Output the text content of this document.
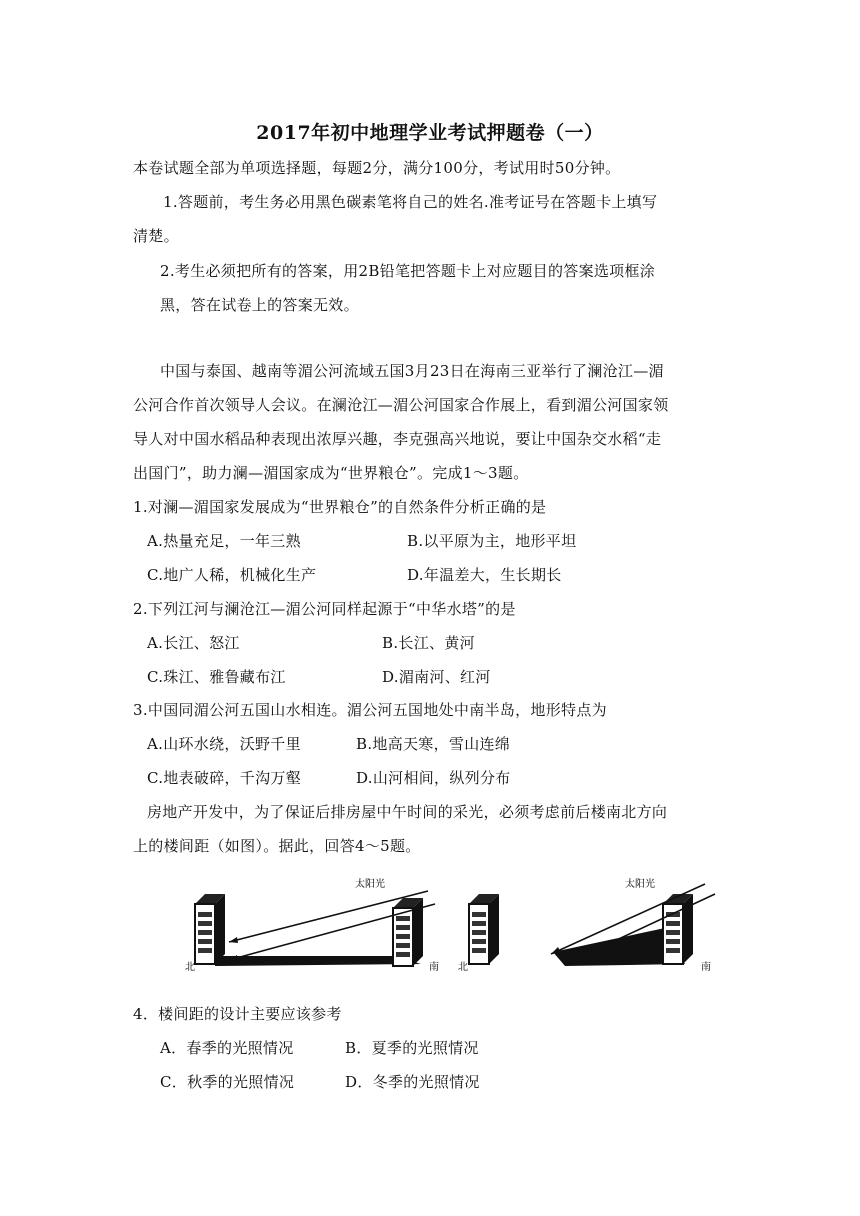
2017年初中地理学业考试押题卷（一）
本卷试题全部为单项选择题，每题2分，满分100分，考试用时50分钟。
1.答题前，考生务必用黑色碳素笔将自己的姓名.准考证号在答题卡上填写
清楚。
2.考生必须把所有的答案，用2B铅笔把答题卡上对应题目的答案选项框涂
黑，答在试卷上的答案无效。
中国与泰国、越南等湄公河流域五国3月23日在海南三亚举行了澜沧江—湄
公河合作首次领导人会议。在澜沧江—湄公河国家合作展上，看到湄公河国家领
导人对中国水稻品种表现出浓厚兴趣，李克强高兴地说，要让中国杂交水稻“走
出国门”，助力澜—湄国家成为“世界粮仓”。完成1～3题。
1.对澜—湄国家发展成为“世界粮仓”的自然条件分析正确的是
A.热量充足，一年三熟	B.以平原为主，地形平坦
C.地广人稀，机械化生产	D.年温差大，生长期长
2.下列江河与澜沧江—湄公河同样起源于“中华水塔”的是
A.长江、怒江	B.长江、黄河
C.珠江、雅鲁藏布江	D.湄南河、红河
3.中国同湄公河五国山水相连。湄公河五国地处中南半岛，地形特点为
A.山环水绕，沃野千里	B.地高天寒，雪山连绵
C.地表破碎，千沟万壑	D.山河相间，纵列分布
房地产开发中，为了保证后排房屋中午时间的采光，必须考虑前后楼南北方向
上的楼间距（如图）。据此，回答4～5题。
太阳光
北	南
太阳光
北	南
4．楼间距的设计主要应该参考
A．春季的光照情况	B．夏季的光照情况
C．秋季的光照情况	D．冬季的光照情况
